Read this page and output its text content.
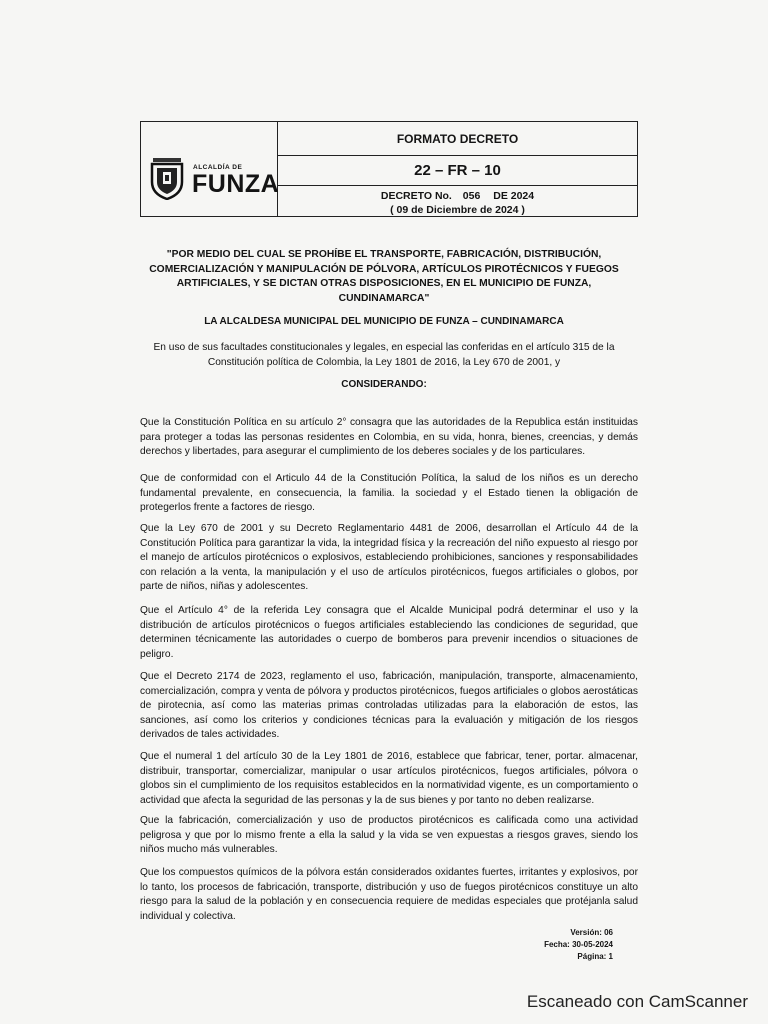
ALCALDÍA DE
FUNZA
FORMATO DECRETO
22 – FR – 10
DECRETO No. 056 DE 2024
( 09 de Diciembre de 2024 )
"POR MEDIO DEL CUAL SE PROHÍBE EL TRANSPORTE, FABRICACIÓN, DISTRIBUCIÓN, COMERCIALIZACIÓN Y MANIPULACIÓN DE PÓLVORA, ARTÍCULOS PIROTÉCNICOS Y FUEGOS ARTIFICIALES, Y SE DICTAN OTRAS DISPOSICIONES, EN EL MUNICIPIO DE FUNZA, CUNDINAMARCA"
LA ALCALDESA MUNICIPAL DEL MUNICIPIO DE FUNZA – CUNDINAMARCA
En uso de sus facultades constitucionales y legales, en especial las conferidas en el artículo 315 de la Constitución política de Colombia, la Ley 1801 de 2016, la Ley 670 de 2001, y
CONSIDERANDO:
Que la Constitución Política en su artículo 2° consagra que las autoridades de la Republica están instituidas para proteger a todas las personas residentes en Colombia, en su vida, honra, bienes, creencias, y demás derechos y libertades, para asegurar el cumplimiento de los deberes sociales y de los particulares.
Que de conformidad con el Articulo 44 de la Constitución Política, la salud de los niños es un derecho fundamental prevalente, en consecuencia, la familia. la sociedad y el Estado tienen la obligación de protegerlos frente a factores de riesgo.
Que la Ley 670 de 2001 y su Decreto Reglamentario 4481 de 2006, desarrollan el Artículo 44 de la Constitución Política para garantizar la vida, la integridad física y la recreación del niño expuesto al riesgo por el manejo de artículos pirotécnicos o explosivos, estableciendo prohibiciones, sanciones y responsabilidades con relación a la venta, la manipulación y el uso de artículos pirotécnicos, fuegos artificiales o globos, por parte de niños, niñas y adolescentes.
Que el Artículo 4° de la referida Ley consagra que el Alcalde Municipal podrá determinar el uso y la distribución de artículos pirotécnicos o fuegos artificiales estableciendo las condiciones de seguridad, que determinen técnicamente las autoridades o cuerpo de bomberos para prevenir incendios o situaciones de peligro.
Que el Decreto 2174 de 2023, reglamento el uso, fabricación, manipulación, transporte, almacenamiento, comercialización, compra y venta de pólvora y productos pirotécnicos, fuegos artificiales o globos aerostáticas de pirotecnia, así como las materias primas controladas utilizadas para la elaboración de estos, las sanciones, así como los criterios y condiciones técnicas para la evaluación y mitigación de los riesgos derivados de tales actividades.
Que el numeral 1 del artículo 30 de la Ley 1801 de 2016, establece que fabricar, tener, portar. almacenar, distribuir, transportar, comercializar, manipular o usar artículos pirotécnicos, fuegos artificiales, pólvora o globos sin el cumplimiento de los requisitos establecidos en la normatividad vigente, es un comportamiento o actividad que afecta la seguridad de las personas y la de sus bienes y por tanto no deben realizarse.
Que la fabricación, comercialización y uso de productos pirotécnicos es calificada como una actividad peligrosa y que por lo mismo frente a ella la salud y la vida se ven expuestas a riesgos graves, siendo los niños mucho más vulnerables.
Que los compuestos químicos de la pólvora están considerados oxidantes fuertes, irritantes y explosivos, por lo tanto, los procesos de fabricación, transporte, distribución y uso de fuegos pirotécnicos constituye un alto riesgo para la salud de la población y en consecuencia requiere de medidas especiales que protéjanla salud individual y colectiva.
Versión: 06
Fecha: 30-05-2024
Página: 1
Escaneado con CamScanner
